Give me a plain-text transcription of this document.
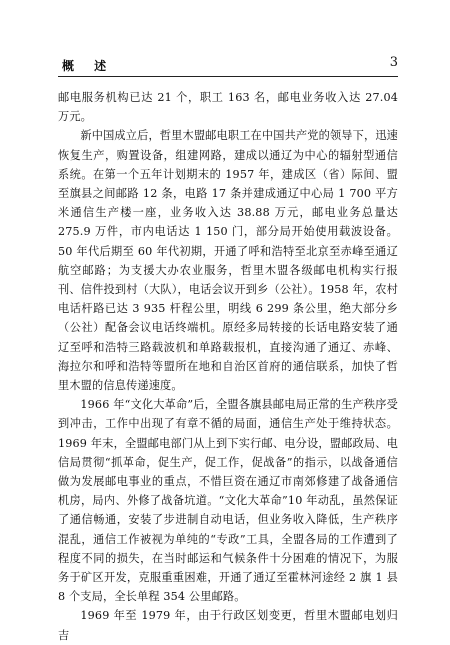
概 述	3

邮电服务机构已达 21 个，职工 163 名，邮电业务收入达 27.04 万元。

新中国成立后，哲里木盟邮电职工在中国共产党的领导下，迅速恢复生产，购置设备，组建网路，建成以通辽为中心的辐射型通信系统。在第一个五年计划期末的 1957 年，建成区（省）际间、盟至旗县之间邮路 12 条，电路 17 条并建成通辽中心局 1 700 平方米通信生产楼一座，业务收入达 38.88 万元，邮电业务总量达 275.9 万件，市内电话达 1 150 门，部分局开始使用载波设备。50 年代后期至 60 年代初期，开通了呼和浩特至北京至赤峰至通辽航空邮路；为支援大办农业服务，哲里木盟各级邮电机构实行报刊、信件投到村（大队），电话会议开到乡（公社）。1958 年，农村电话杆路已达 3 935 杆程公里，明线 6 299 条公里，绝大部分乡（公社）配备会议电话终端机。原经多局转接的长话电路安装了通辽至呼和浩特三路载波机和单路载报机，直接沟通了通辽、赤峰、海拉尔和呼和浩特等盟所在地和自治区首府的通信联系，加快了哲里木盟的信息传递速度。

1966 年“文化大革命”后，全盟各旗县邮电局正常的生产秩序受到冲击，工作中出现了有章不循的局面，通信生产处于维持状态。1969 年末，全盟邮电部门从上到下实行邮、电分设，盟邮政局、电信局贯彻“抓革命，促生产，促工作，促战备”的指示，以战备通信做为发展邮电事业的重点，不惜巨资在通辽市南郊修建了战备通信机房，局内、外修了战备坑道。“文化大革命”10 年动乱，虽然保证了通信畅通，安装了步进制自动电话，但业务收入降低，生产秩序混乱，通信工作被视为单纯的“专政”工具，全盟各局的工作遭到了程度不同的损失，在当时邮运和气候条件十分困难的情况下，为服务于矿区开发，克服重重困难，开通了通辽至霍林河途经 2 旗 1 县 8 个支局，全长单程 354 公里邮路。

1969 年至 1979 年，由于行政区划变更，哲里木盟邮电划归吉
